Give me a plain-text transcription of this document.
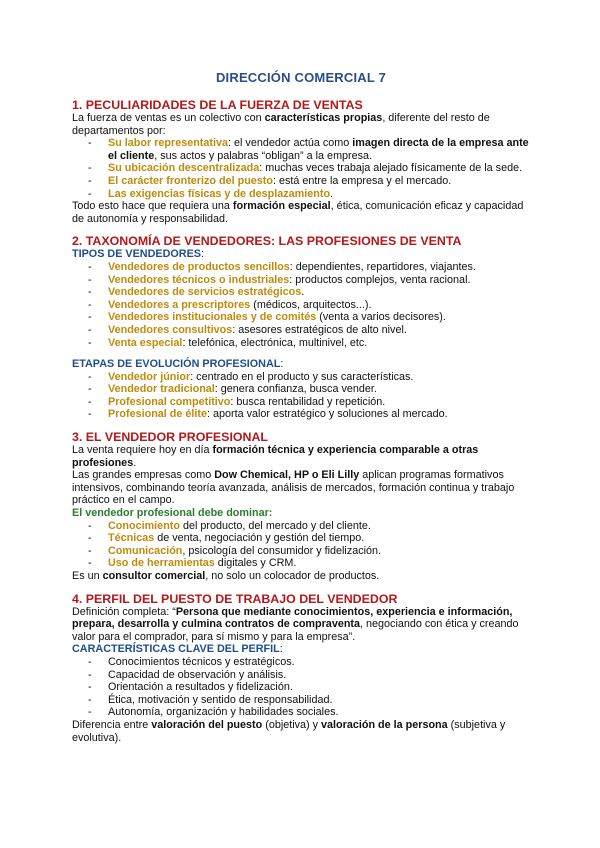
DIRECCIÓN COMERCIAL 7
1. PECULIARIDADES DE LA FUERZA DE VENTAS

La fuerza de ventas es un colectivo con características propias, diferente del resto de departamentos por:

- Su labor representativa: el vendedor actúa como imagen directa de la empresa ante el cliente, sus actos y palabras “obligan” a la empresa.
- Su ubicación descentralizada: muchas veces trabaja alejado físicamente de la sede.
- El carácter fronterizo del puesto: está entre la empresa y el mercado.
- Las exigencias físicas y de desplazamiento.

Todo esto hace que requiera una formación especial, ética, comunicación eficaz y capacidad de autonomía y responsabilidad.

2. TAXONOMÍA DE VENDEDORES: LAS PROFESIONES DE VENTA

TIPOS DE VENDEDORES:

- Vendedores de productos sencillos: dependientes, repartidores, viajantes.
- Vendedores técnicos o industriales: productos complejos, venta racional.
- Vendedores de servicios estratégicos.
- Vendedores a prescriptores (médicos, arquitectos...).
- Vendedores institucionales y de comités (venta a varios decisores).
- Vendedores consultivos: asesores estratégicos de alto nivel.
- Venta especial: telefónica, electrónica, multinivel, etc.

ETAPAS DE EVOLUCIÓN PROFESIONAL:

- Vendedor júnior: centrado en el producto y sus características.
- Vendedor tradicional: genera confianza, busca vender.
- Profesional competitivo: busca rentabilidad y repetición.
- Profesional de élite: aporta valor estratégico y soluciones al mercado.
3. EL VENDEDOR PROFESIONAL

La venta requiere hoy en día formación técnica y experiencia comparable a otras profesiones.

Las grandes empresas como Dow Chemical, HP o Eli Lilly aplican programas formativos intensivos, combinando teoría avanzada, análisis de mercados, formación continua y trabajo práctico en el campo.

El vendedor profesional debe dominar:

- Conocimiento del producto, del mercado y del cliente.
- Técnicas de venta, negociación y gestión del tiempo.
- Comunicación, psicología del consumidor y fidelización.
- Uso de herramientas digitales y CRM.

Es un consultor comercial, no solo un colocador de productos.

4. PERFIL DEL PUESTO DE TRABAJO DEL VENDEDOR

Definición completa: “Persona que mediante conocimientos, experiencia e información, prepara, desarrolla y culmina contratos de compraventa, negociando con ética y creando valor para el comprador, para sí mismo y para la empresa”.

CARACTERÍSTICAS CLAVE DEL PERFIL:

- Conocimientos técnicos y estratégicos.
- Capacidad de observación y análisis.
- Orientación a resultados y fidelización.
- Ética, motivación y sentido de responsabilidad.
- Autonomía, organización y habilidades sociales.

Diferencia entre valoración del puesto (objetiva) y valoración de la persona (subjetiva y evolutiva).
